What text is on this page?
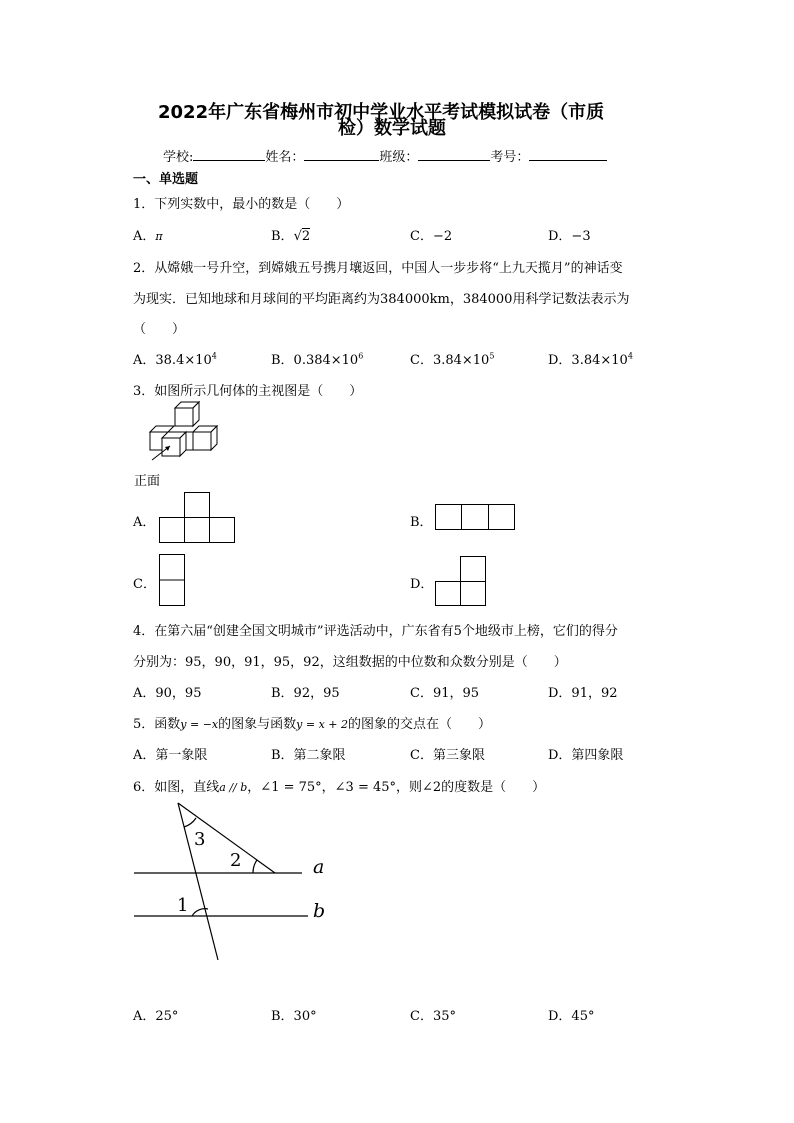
2022年广东省梅州市初中学业水平考试模拟试卷（市质
检）数学试题
学校:	姓名：	班级：	考号：
一、单选题
1．下列实数中，最小的数是（　　）
A．π	B．√2	C．−2	D．−3
2．从嫦娥一号升空，到嫦娥五号携月壤返回，中国人一步步将“上九天揽月”的神话变
为现实．已知地球和月球间的平均距离约为384000km，384000用科学记数法表示为
（　　）
A．$38.4\times 10^4$	B．$0.384\times 10^6$	C．$3.84\times 10^5$	D．$3.84\times 10^4$
3．如图所示几何体的主视图是（　　）
正面
A．	B．
C．	D．
4．在第六届“创建全国文明城市”评选活动中，广东省有5个地级市上榜，它们的得分
分别为：95，90，91，95，92，这组数据的中位数和众数分别是（　　）
A．90，95	B．92，95	C．91，95	D．91，92
5．函数y = −x的图象与函数y = x + 2的图象的交点在（　　）
A．第一象限	B．第二象限	C．第三象限	D．第四象限
6．如图，直线a // b，∠1 = 75°，∠3 = 45°，则∠2的度数是（　　）
3
2
1
a
b
A．25°	B．30°	C．35°	D．45°
